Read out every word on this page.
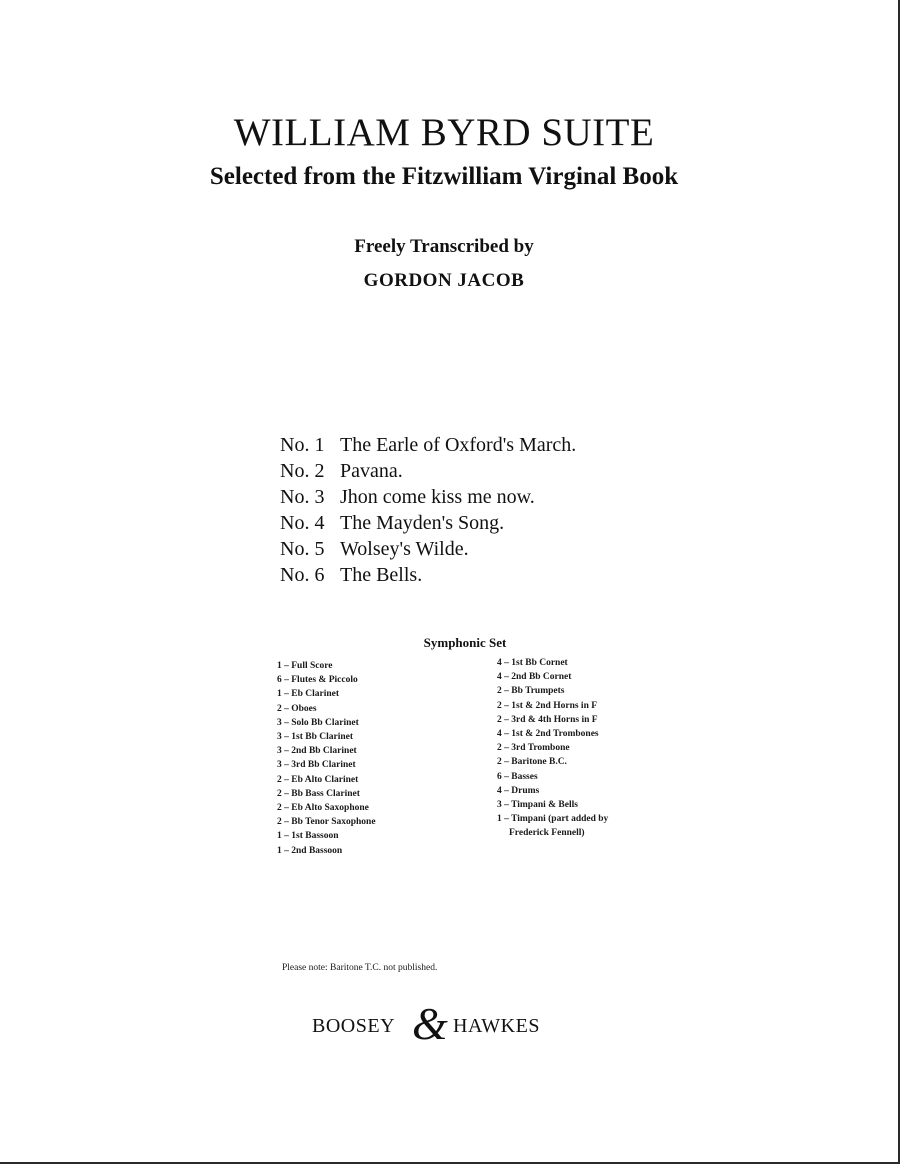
WILLIAM BYRD SUITE
Selected from the Fitzwilliam Virginal Book
Freely Transcribed by
GORDON JACOB
No. 1 The Earle of Oxford's March.
No. 2 Pavana.
No. 3 Jhon come kiss me now.
No. 4 The Mayden's Song.
No. 5 Wolsey's Wilde.
No. 6 The Bells.
Symphonic Set
1 – Full Score
6 – Flutes & Piccolo
1 – Eb Clarinet
2 – Oboes
3 – Solo Bb Clarinet
3 – 1st Bb Clarinet
3 – 2nd Bb Clarinet
3 – 3rd Bb Clarinet
2 – Eb Alto Clarinet
2 – Bb Bass Clarinet
2 – Eb Alto Saxophone
2 – Bb Tenor Saxophone
1 – 1st Bassoon
1 – 2nd Bassoon
4 – 1st Bb Cornet
4 – 2nd Bb Cornet
2 – Bb Trumpets
2 – 1st & 2nd Horns in F
2 – 3rd & 4th Horns in F
4 – 1st & 2nd Trombones
2 – 3rd Trombone
2 – Baritone B.C.
6 – Basses
4 – Drums
3 – Timpani & Bells
1 – Timpani (part added by
Frederick Fennell)
Please note: Baritone T.C. not published.
BOOSEY & HAWKES
